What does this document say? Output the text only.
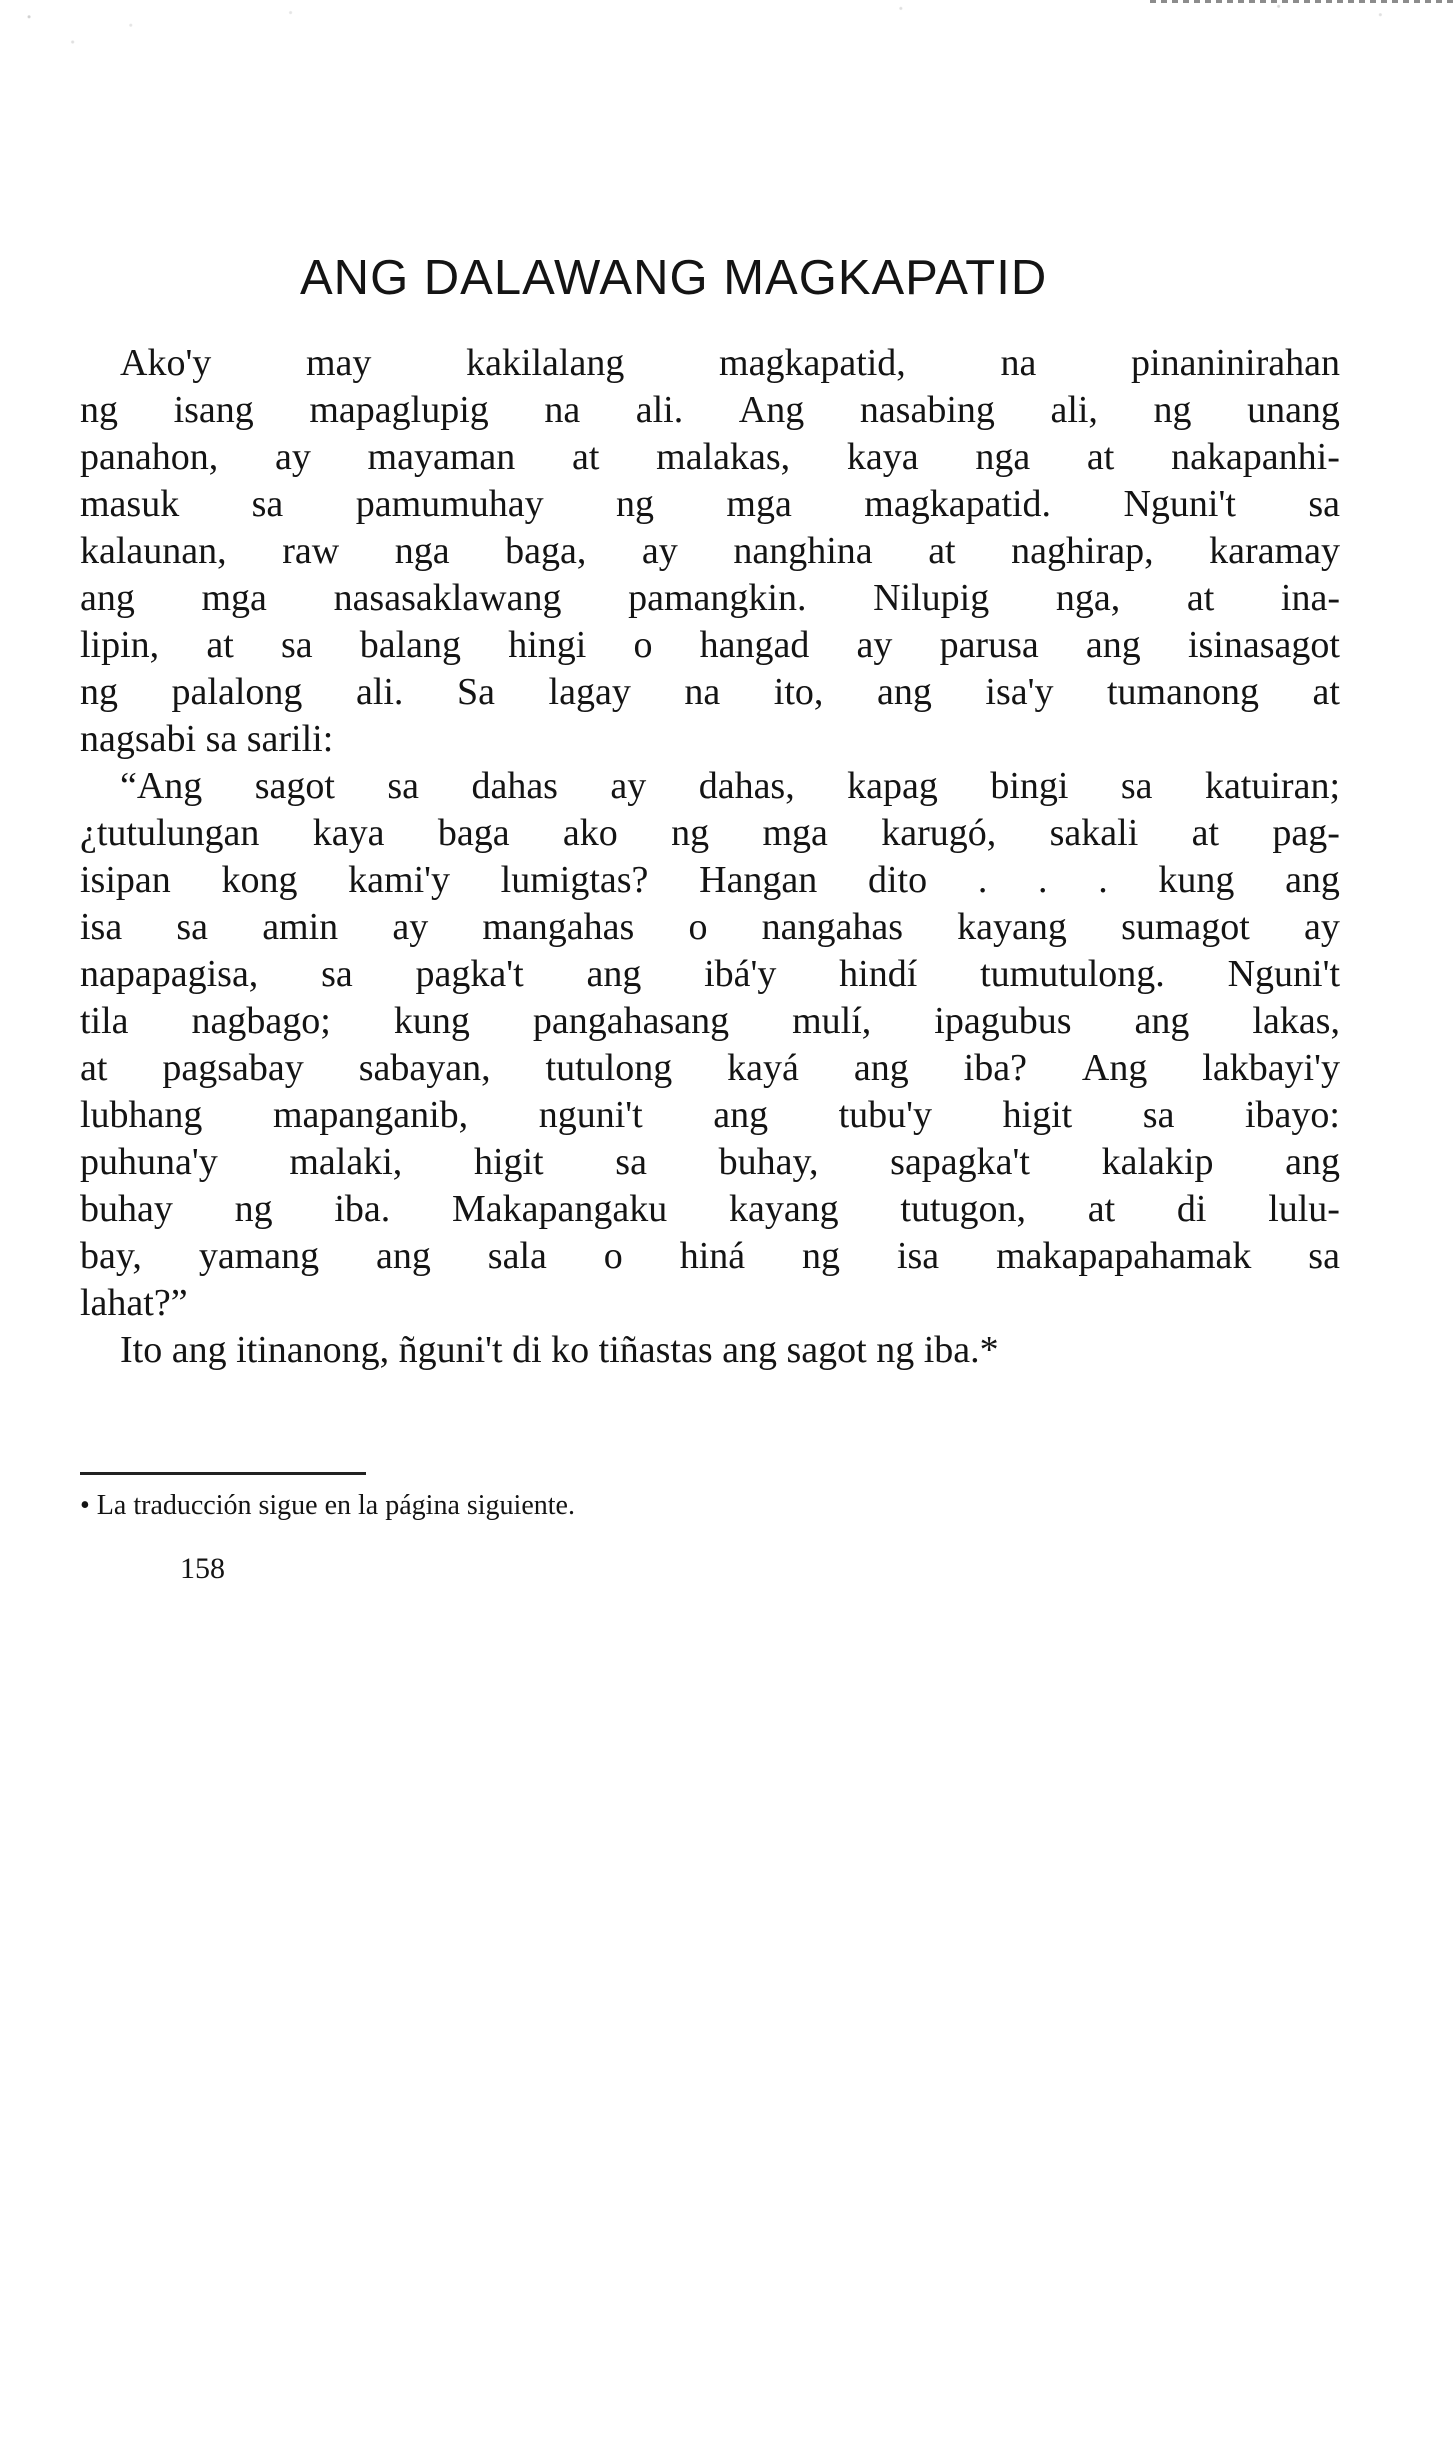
ANG DALAWANG MAGKAPATID
Ako'y may kakilalang magkapatid, na pinaninirahan
ng isang mapaglupig na ali. Ang nasabing ali, ng unang
panahon, ay mayaman at malakas, kaya nga at nakapanhi-
masuk sa pamumuhay ng mga magkapatid. Nguni't sa
kalaunan, raw nga baga, ay nanghina at naghirap, karamay
ang mga nasasaklawang pamangkin. Nilupig nga, at ina-
lipin, at sa balang hingi o hangad ay parusa ang isinasagot
ng palalong ali. Sa lagay na ito, ang isa'y tumanong at
nagsabi sa sarili:
“Ang sagot sa dahas ay dahas, kapag bingi sa katuiran;
¿tutulungan kaya baga ako ng mga karugó, sakali at pag-
isipan kong kami'y lumigtas? Hangan dito . . . kung ang
isa sa amin ay mangahas o nangahas kayang sumagot ay
napapagisa, sa pagka't ang ibá'y hindí tumutulong. Nguni't
tila nagbago; kung pangahasang mulí, ipagubus ang lakas,
at pagsabay sabayan, tutulong kayá ang iba? Ang lakbayi'y
lubhang mapanganib, nguni't ang tubu'y higit sa ibayo:
puhuna'y malaki, higit sa buhay, sapagka't kalakip ang
buhay ng iba. Makapangaku kayang tutugon, at di lulu-
bay, yamang ang sala o hiná ng isa makapapahamak sa
lahat?”
Ito ang itinanong, ñguni't di ko tiñastas ang sagot ng iba.*
• La traducción sigue en la página siguiente.
158
